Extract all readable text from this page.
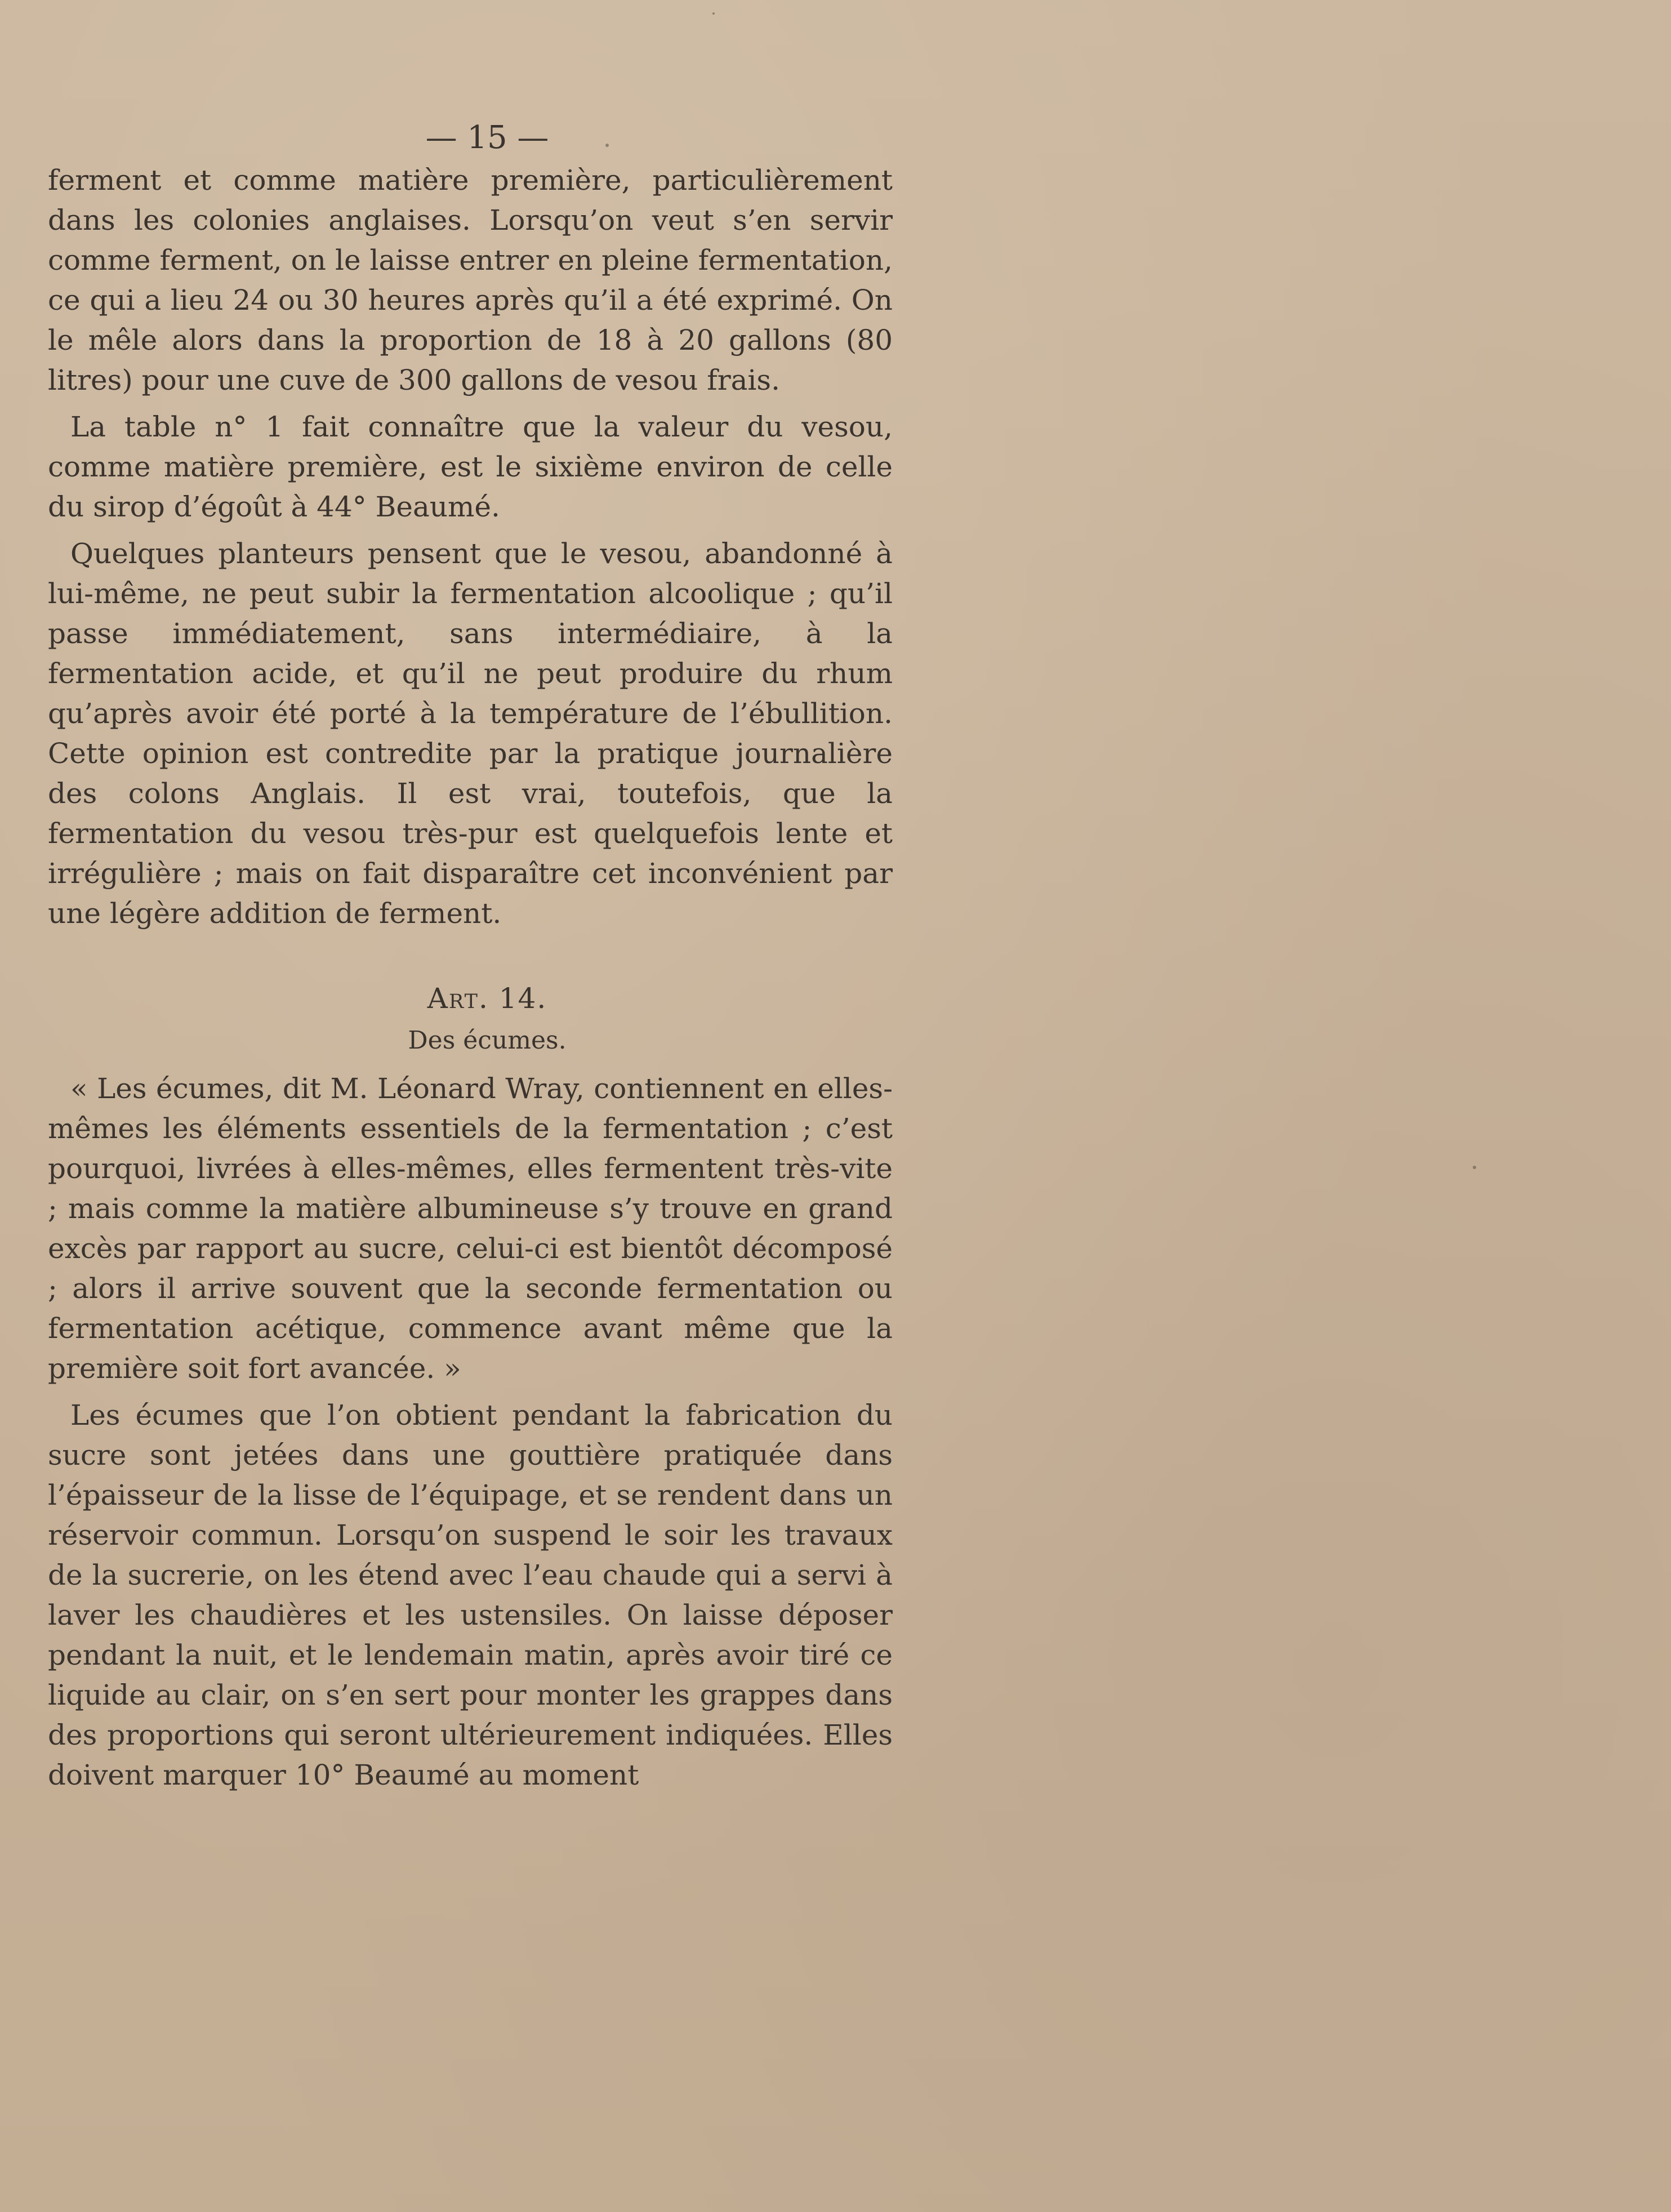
— 15 —

ferment et comme matière première, particulièrement dans les colonies anglaises. Lorsqu’on veut s’en servir comme ferment, on le laisse entrer en pleine fermentation, ce qui a lieu 24 ou 30 heures après qu’il a été exprimé. On le mêle alors dans la proportion de 18 à 20 gallons (80 litres) pour une cuve de 300 gallons de vesou frais.

La table n° 1 fait connaître que la valeur du vesou, comme matière première, est le sixième environ de celle du sirop d’égoût à 44° Beaumé.

Quelques planteurs pensent que le vesou, abandonné à lui-même, ne peut subir la fermentation alcoolique ; qu’il passe immédiatement, sans intermédiaire, à la fermentation acide, et qu’il ne peut produire du rhum qu’après avoir été porté à la température de l’ébullition. Cette opinion est contredite par la pratique journalière des colons Anglais. Il est vrai, toutefois, que la fermentation du vesou très-pur est quelquefois lente et irrégulière ; mais on fait disparaître cet inconvénient par une légère addition de ferment.

Art. 14.
Des écumes.

« Les écumes, dit M. Léonard Wray, contiennent en elles-mêmes les éléments essentiels de la fermentation ; c’est pourquoi, livrées à elles-mêmes, elles fermentent très-vite ; mais comme la matière albumineuse s’y trouve en grand excès par rapport au sucre, celui-ci est bientôt décomposé ; alors il arrive souvent que la seconde fermentation ou fermentation acétique, commence avant même que la première soit fort avancée. »

Les écumes que l’on obtient pendant la fabrication du sucre sont jetées dans une gouttière pratiquée dans l’épaisseur de la lisse de l’équipage, et se rendent dans un réservoir commun. Lorsqu’on suspend le soir les travaux de la sucrerie, on les étend avec l’eau chaude qui a servi à laver les chaudières et les ustensiles. On laisse déposer pendant la nuit, et le lendemain matin, après avoir tiré ce liquide au clair, on s’en sert pour monter les grappes dans des proportions qui seront ultérieurement indiquées. Elles doivent marquer 10° Beaumé au moment
